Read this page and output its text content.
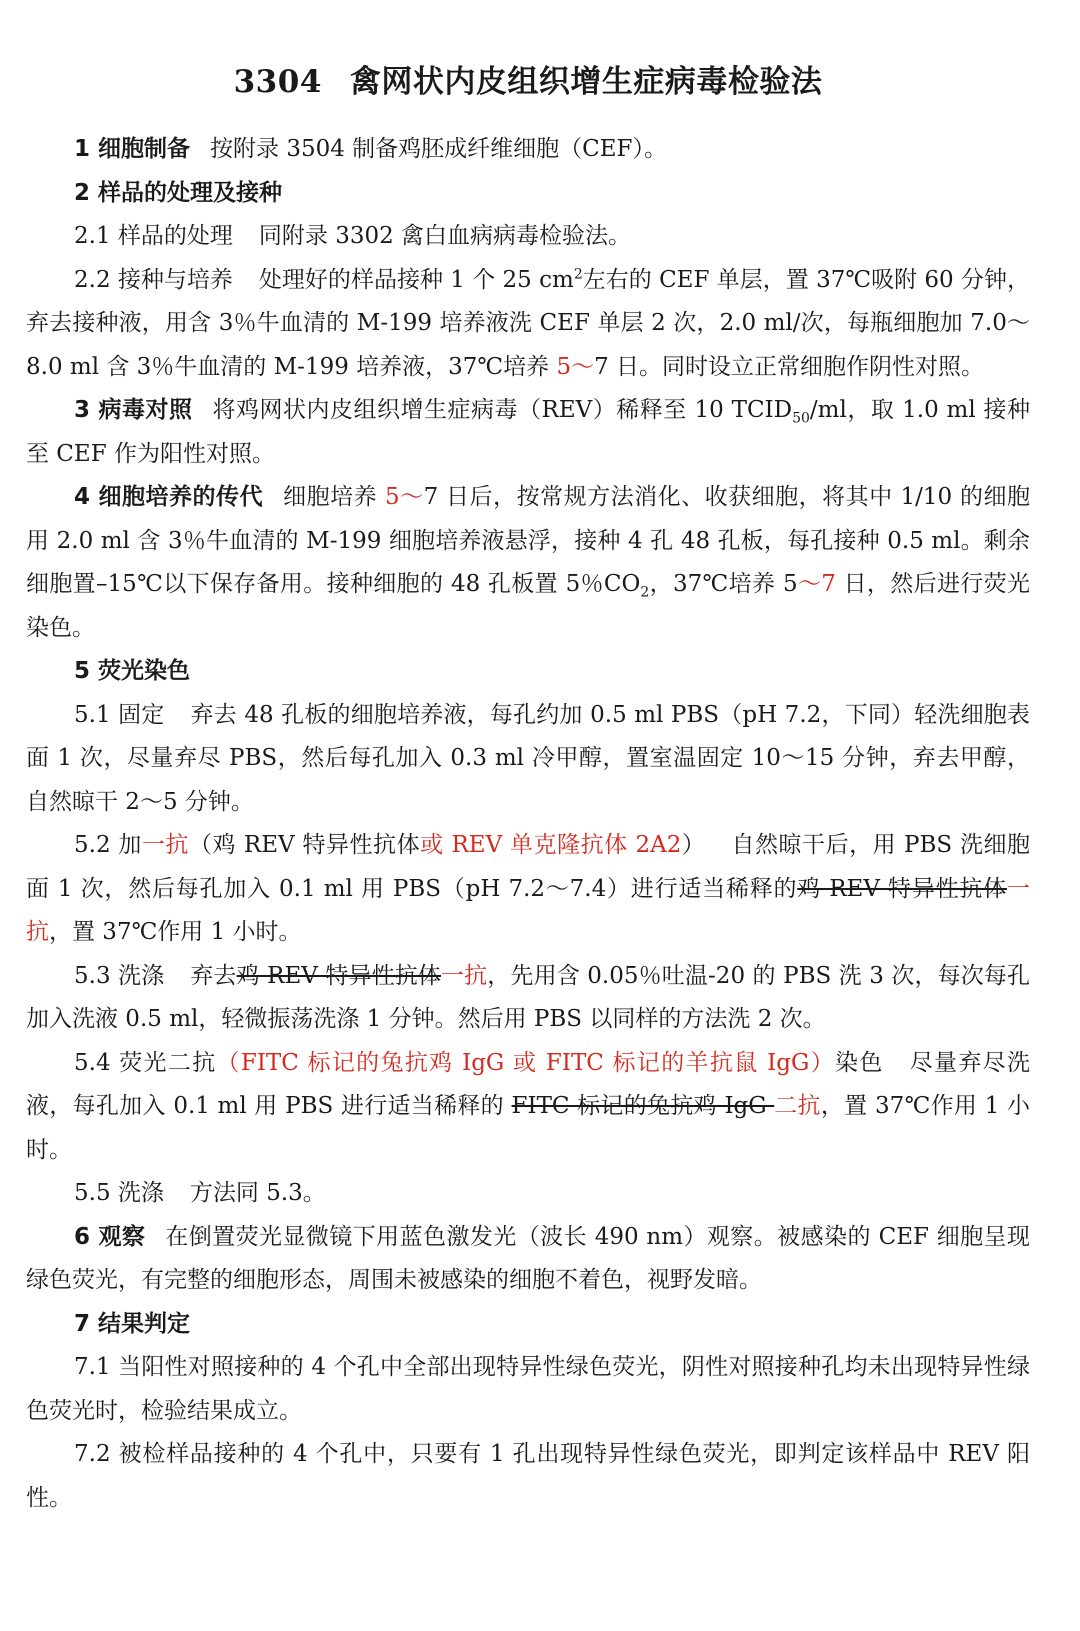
3304 禽网状内皮组织增生症病毒检验法

1 细胞制备 按附录 3504 制备鸡胚成纤维细胞（CEF）。

2 样品的处理及接种

2.1 样品的处理 同附录 3302 禽白血病病毒检验法。

2.2 接种与培养 处理好的样品接种 1 个 25 $cm^2$左右的 CEF 单层，置 37℃吸附 60 分钟，弃去接种液，用含 3％牛血清的 M-199 培养液洗 CEF 单层 2 次，2.0 ml/次，每瓶细胞加 7.0～8.0 ml 含 3％牛血清的 M-199 培养液，37℃培养 5～7 日。同时设立正常细胞作阴性对照。

3 病毒对照 将鸡网状内皮组织增生症病毒（REV）稀释至 10 $TCID_{50}/ml$，取 1.0 ml 接种至 CEF 作为阳性对照。

4 细胞培养的传代 细胞培养 5～7 日后，按常规方法消化、收获细胞，将其中 1/10 的细胞用 2.0 ml 含 3％牛血清的 M-199 细胞培养液悬浮，接种 4 孔 48 孔板，每孔接种 0.5 ml。剩余细胞置–15℃以下保存备用。接种细胞的 48 孔板置 5％$CO_2$，37℃培养 5～7 日，然后进行荧光染色。

5 荧光染色

5.1 固定 弃去 48 孔板的细胞培养液，每孔约加 0.5 ml PBS（pH 7.2，下同）轻洗细胞表面 1 次，尽量弃尽 PBS，然后每孔加入 0.3 ml 冷甲醇，置室温固定 10～15 分钟，弃去甲醇，自然晾干 2～5 分钟。

5.2 加一抗（鸡 REV 特异性抗体或 REV 单克隆抗体 2A2） 自然晾干后，用 PBS 洗细胞面 1 次，然后每孔加入 0.1 ml 用 PBS（pH 7.2～7.4）进行适当稀释的鸡 REV 特异性抗体一抗，置 37℃作用 1 小时。

5.3 洗涤 弃去鸡 REV 特异性抗体一抗，先用含 0.05％吐温-20 的 PBS 洗 3 次，每次每孔加入洗液 0.5 ml，轻微振荡洗涤 1 分钟。然后用 PBS 以同样的方法洗 2 次。

5.4 荧光二抗（FITC 标记的兔抗鸡 IgG 或 FITC 标记的羊抗鼠 IgG）染色 尽量弃尽洗液，每孔加入 0.1 ml 用 PBS 进行适当稀释的 FITC 标记的兔抗鸡 IgG 二抗，置 37℃作用 1 小时。

5.5 洗涤 方法同 5.3。

6 观察 在倒置荧光显微镜下用蓝色激发光（波长 490 nm）观察。被感染的 CEF 细胞呈现绿色荧光，有完整的细胞形态，周围未被感染的细胞不着色，视野发暗。

7 结果判定

7.1 当阳性对照接种的 4 个孔中全部出现特异性绿色荧光，阴性对照接种孔均未出现特异性绿色荧光时，检验结果成立。

7.2 被检样品接种的 4 个孔中，只要有 1 孔出现特异性绿色荧光，即判定该样品中 REV 阳性。
